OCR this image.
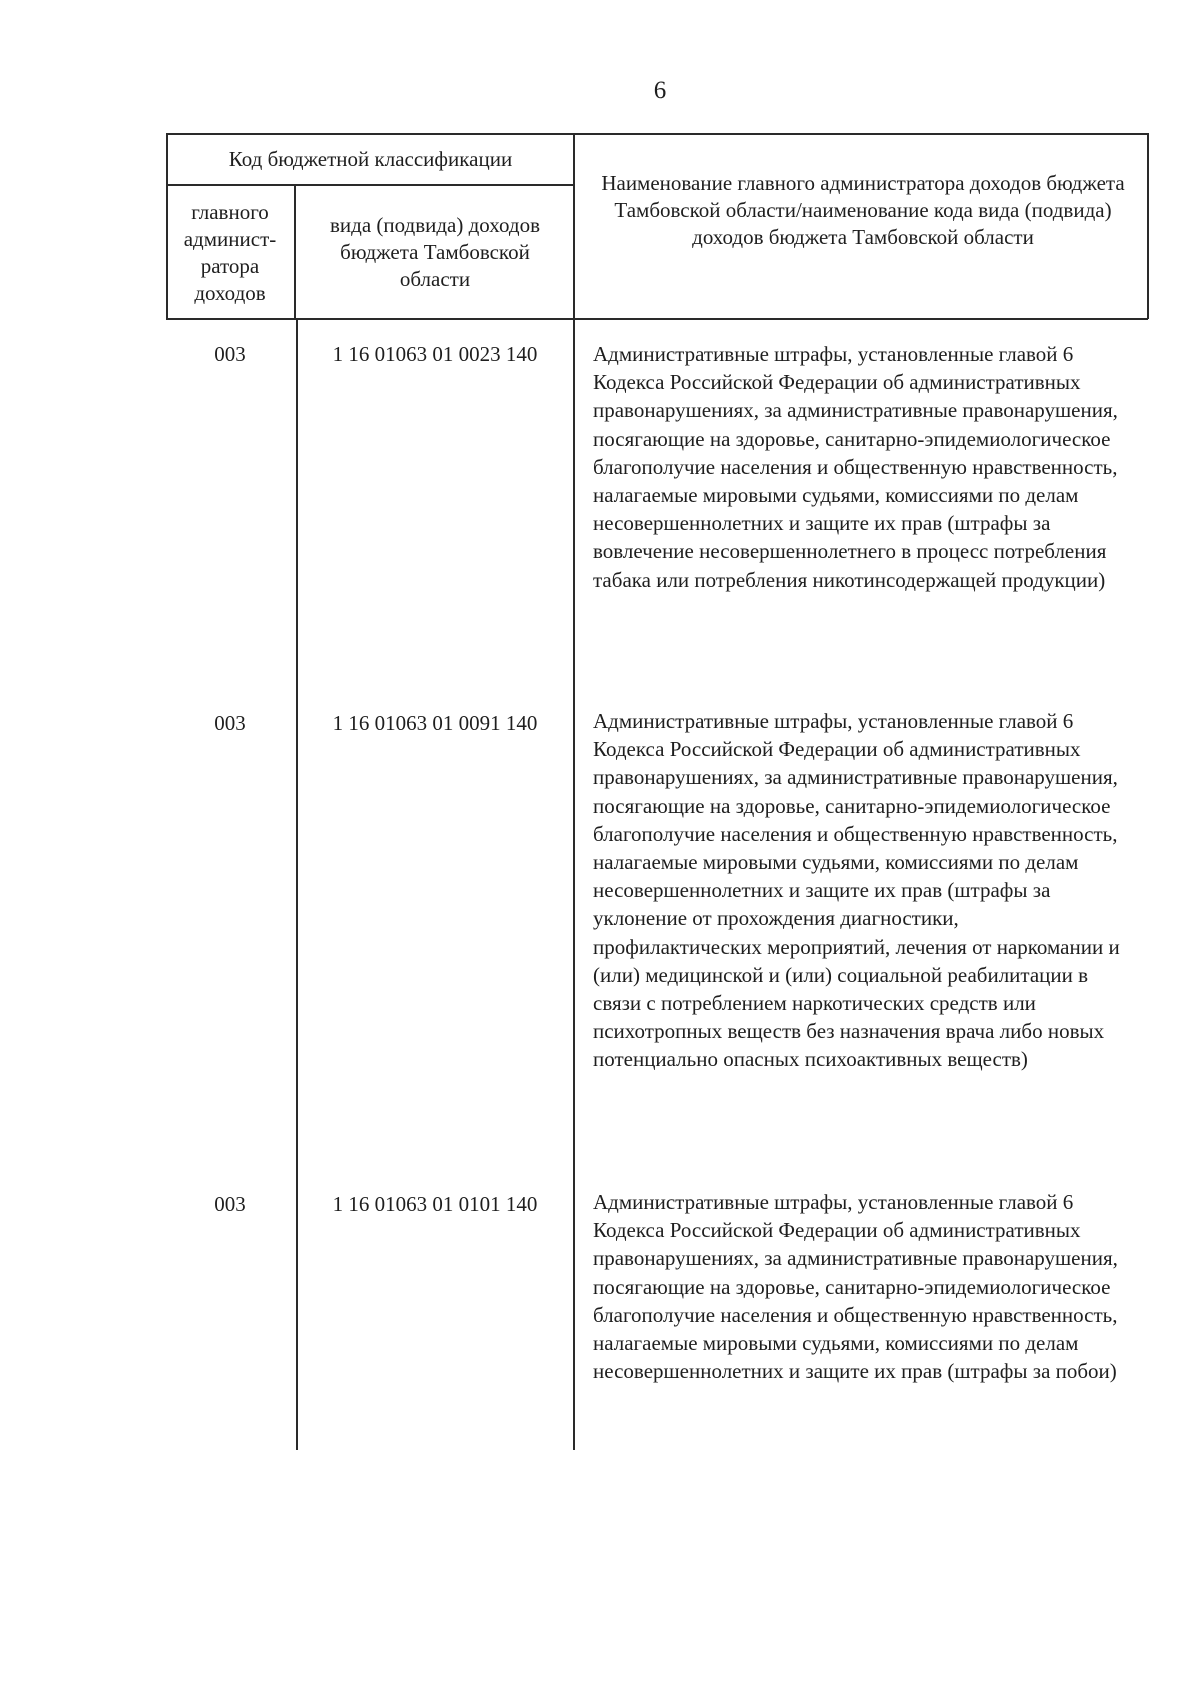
6
Код бюджетной классификации
главного админист-ратора доходов
вида (подвида) доходов бюджета Тамбовской области
Наименование главного администратора доходов бюджета Тамбовской области/наименование кода вида (подвида) доходов бюджета Тамбовской области
003	1 16 01063 01 0023 140	Административные штрафы, установленные главой 6 Кодекса Российской Федерации об административных правонарушениях, за административные правонарушения, посягающие на здоровье, санитарно-эпидемиологическое благополучие населения и общественную нравственность, налагаемые мировыми судьями, комиссиями по делам несовершеннолетних и защите их прав (штрафы за вовлечение несовершеннолетнего в процесс потребления табака или потребления никотинсодержащей продукции)
003	1 16 01063 01 0091 140	Административные штрафы, установленные главой 6 Кодекса Российской Федерации об административных правонарушениях, за административные правонарушения, посягающие на здоровье, санитарно-эпидемиологическое благополучие населения и общественную нравственность, налагаемые мировыми судьями, комиссиями по делам несовершеннолетних и защите их прав (штрафы за уклонение от прохождения диагностики, профилактических мероприятий, лечения от наркомании и (или) медицинской и (или) социальной реабилитации в связи с потреблением наркотических средств или психотропных веществ без назначения врача либо новых потенциально опасных психоактивных веществ)
003	1 16 01063 01 0101 140	Административные штрафы, установленные главой 6 Кодекса Российской Федерации об административных правонарушениях, за административные правонарушения, посягающие на здоровье, санитарно-эпидемиологическое благополучие населения и общественную нравственность, налагаемые мировыми судьями, комиссиями по делам несовершеннолетних и защите их прав (штрафы за побои)
